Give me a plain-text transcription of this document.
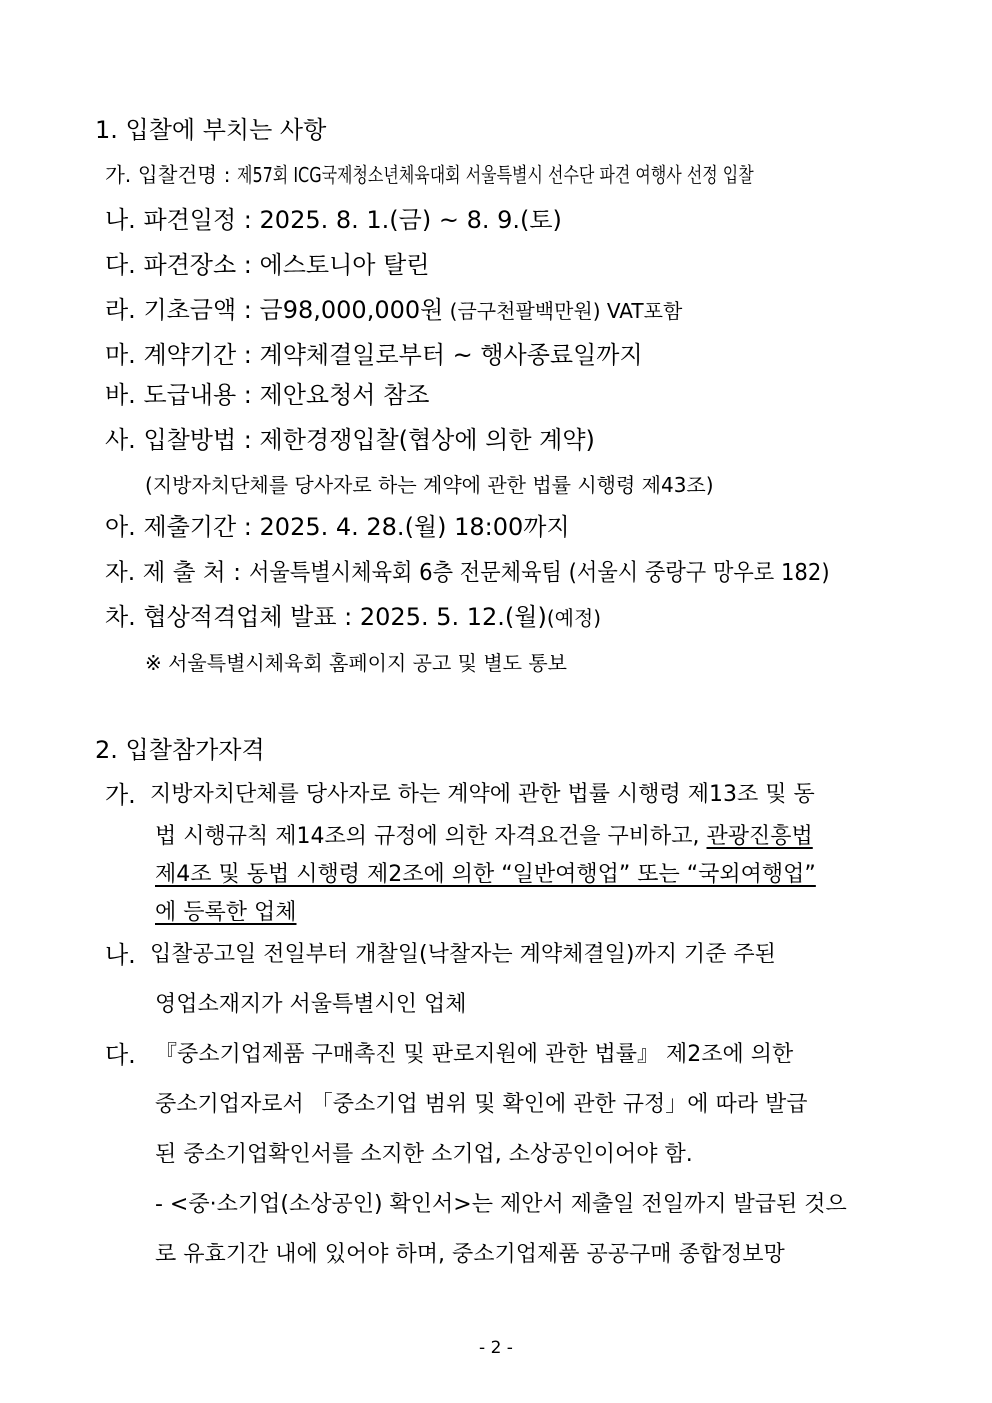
1. 입찰에 부치는 사항
가. 입찰건명 : 제57회 ICG국제청소년체육대회 서울특별시 선수단 파견 여행사 선정 입찰
나. 파견일정 : 2025. 8. 1.(금) ~ 8. 9.(토)
다. 파견장소 : 에스토니아 탈린
라. 기초금액 : 금98,000,000원 (금구천팔백만원) VAT포함
마. 계약기간 : 계약체결일로부터 ~ 행사종료일까지
바. 도급내용 : 제안요청서 참조
사. 입찰방법 : 제한경쟁입찰(협상에 의한 계약)
(지방자치단체를 당사자로 하는 계약에 관한 법률 시행령 제43조)
아. 제출기간 : 2025. 4. 28.(월) 18:00까지
자. 제 출 처 : 서울특별시체육회 6층 전문체육팀 (서울시 중랑구 망우로 182)
차. 협상적격업체 발표 : 2025. 5. 12.(월)(예정)
※ 서울특별시체육회 홈페이지 공고 및 별도 통보
2. 입찰참가자격
가. 지방자치단체를 당사자로 하는 계약에 관한 법률 시행령 제13조 및 동
법 시행규칙 제14조의 규정에 의한 자격요건을 구비하고, 관광진흥법
제4조 및 동법 시행령 제2조에 의한 “일반여행업” 또는 “국외여행업”
에 등록한 업체
나. 입찰공고일 전일부터 개찰일(낙찰자는 계약체결일)까지 기준 주된
영업소재지가 서울특별시인 업체
다. 『중소기업제품 구매촉진 및 판로지원에 관한 법률』 제2조에 의한
중소기업자로서 「중소기업 범위 및 확인에 관한 규정」에 따라 발급
된 중소기업확인서를 소지한 소기업, 소상공인이어야 함.
- <중·소기업(소상공인) 확인서>는 제안서 제출일 전일까지 발급된 것으
로 유효기간 내에 있어야 하며, 중소기업제품 공공구매 종합정보망
- 2 -
